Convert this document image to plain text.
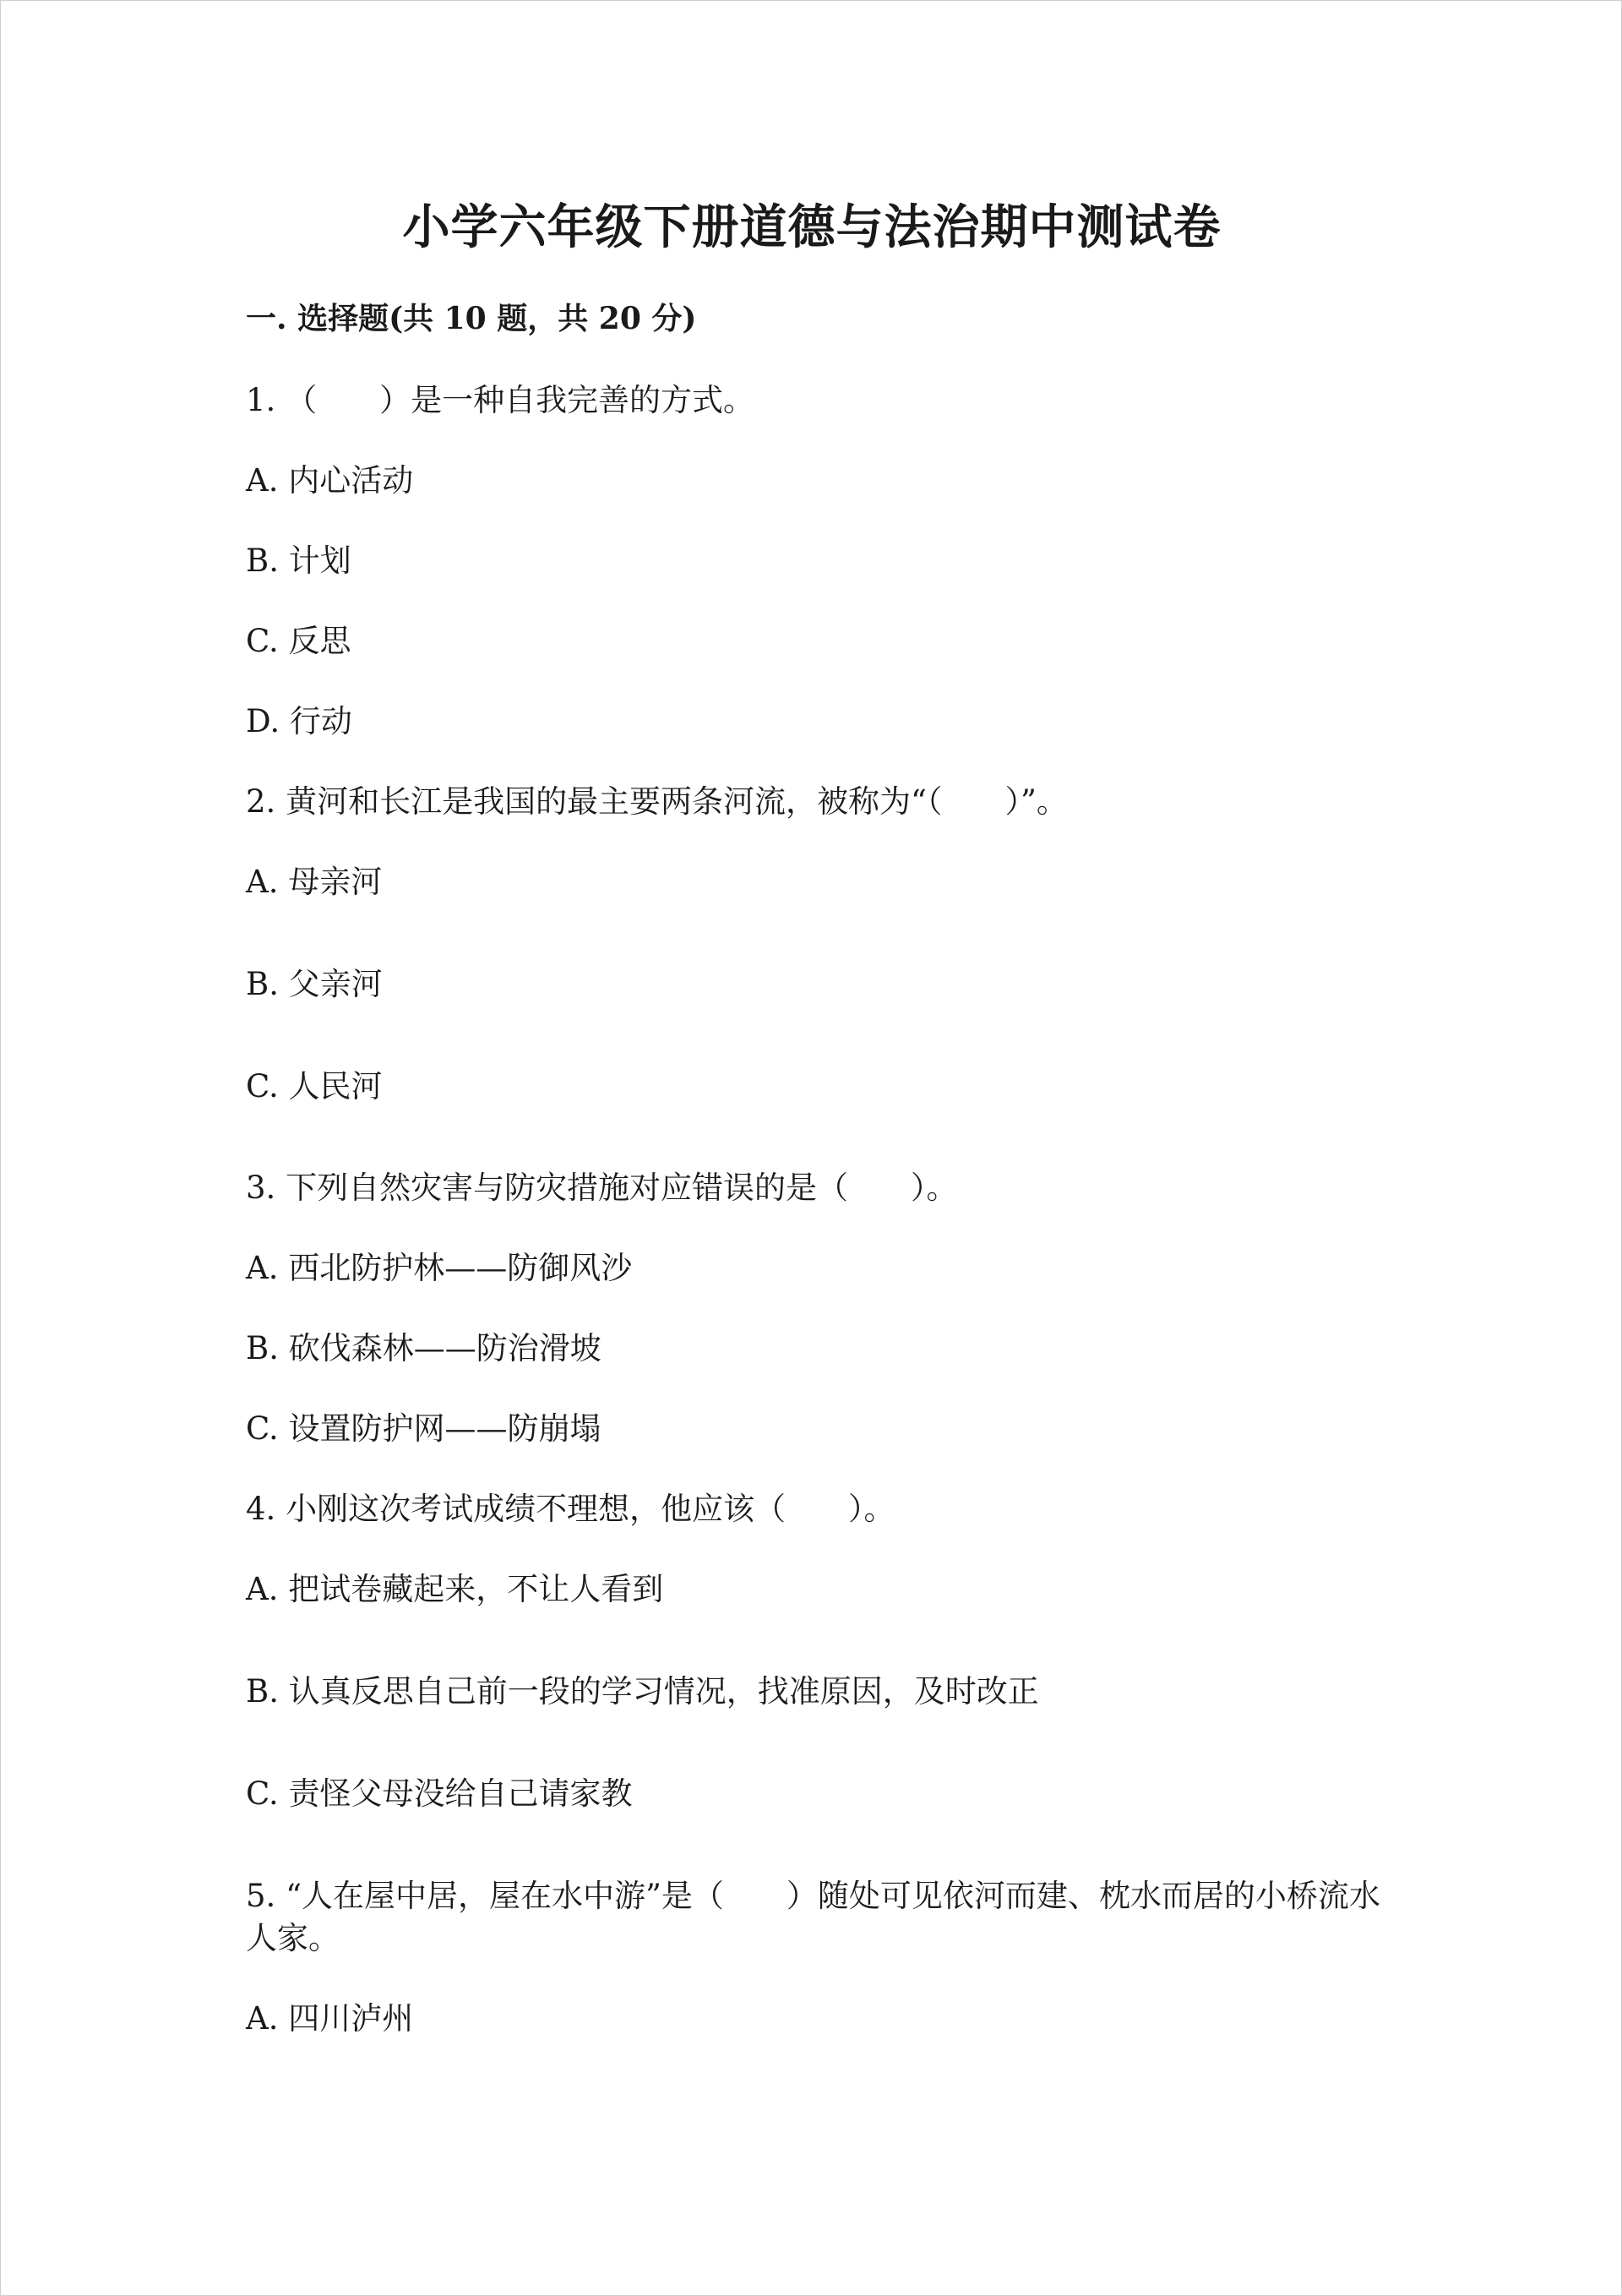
小学六年级下册道德与法治期中测试卷
一. 选择题(共 10 题，共 20 分)
1. （　　）是一种自我完善的方式。
A. 内心活动
B. 计划
C. 反思
D. 行动
2. 黄河和长江是我国的最主要两条河流，被称为“（　　）”。
A. 母亲河
B. 父亲河
C. 人民河
3. 下列自然灾害与防灾措施对应错误的是（　　）。
A. 西北防护林——防御风沙
B. 砍伐森林——防治滑坡
C. 设置防护网——防崩塌
4. 小刚这次考试成绩不理想，他应该（　　）。
A. 把试卷藏起来，不让人看到
B. 认真反思自己前一段的学习情况，找准原因，及时改正
C. 责怪父母没给自己请家教
5. “人在屋中居，屋在水中游”是（　　）随处可见依河而建、枕水而居的小桥流水人家。
A. 四川泸州
